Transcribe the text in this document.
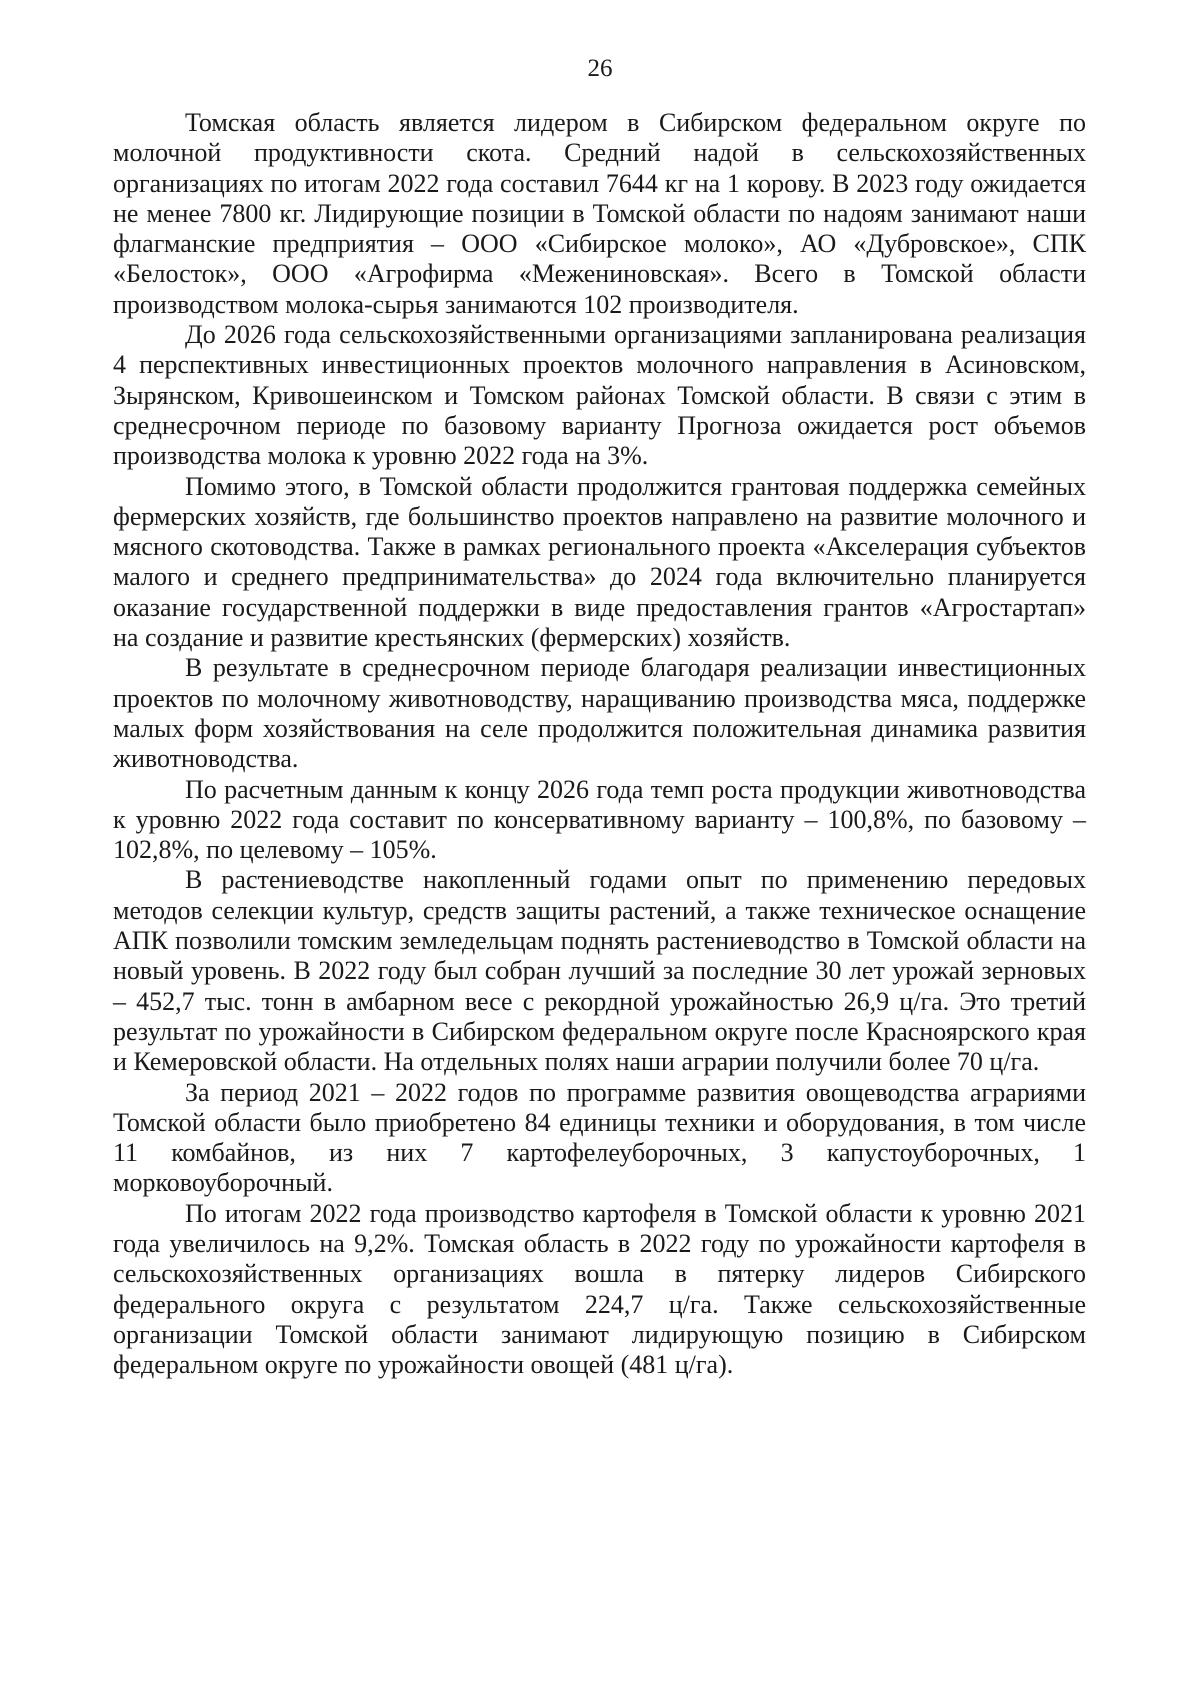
26

Томская область является лидером в Сибирском федеральном округе по молочной продуктивности скота. Средний надой в сельскохозяйственных организациях по итогам 2022 года составил 7644 кг на 1 корову. В 2023 году ожидается не менее 7800 кг. Лидирующие позиции в Томской области по надоям занимают наши флагманские предприятия – ООО «Сибирское молоко», АО «Дубровское», СПК «Белосток», ООО «Агрофирма «Межениновская». Всего в Томской области производством молока-сырья занимаются 102 производителя.

До 2026 года сельскохозяйственными организациями запланирована реализация 4 перспективных инвестиционных проектов молочного направления в Асиновском, Зырянском, Кривошеинском и Томском районах Томской области. В связи с этим в среднесрочном периоде по базовому варианту Прогноза ожидается рост объемов производства молока к уровню 2022 года на 3%.

Помимо этого, в Томской области продолжится грантовая поддержка семейных фермерских хозяйств, где большинство проектов направлено на развитие молочного и мясного скотоводства. Также в рамках регионального проекта «Акселерация субъектов малого и среднего предпринимательства» до 2024 года включительно планируется оказание государственной поддержки в виде предоставления грантов «Агростартап» на создание и развитие крестьянских (фермерских) хозяйств.

В результате в среднесрочном периоде благодаря реализации инвестиционных проектов по молочному животноводству, наращиванию производства мяса, поддержке малых форм хозяйствования на селе продолжится положительная динамика развития животноводства.

По расчетным данным к концу 2026 года темп роста продукции животноводства к уровню 2022 года составит по консервативному варианту – 100,8%, по базовому – 102,8%, по целевому – 105%.

В растениеводстве накопленный годами опыт по применению передовых методов селекции культур, средств защиты растений, а также техническое оснащение АПК позволили томским земледельцам поднять растениеводство в Томской области на новый уровень. В 2022 году был собран лучший за последние 30 лет урожай зерновых – 452,7 тыс. тонн в амбарном весе с рекордной урожайностью 26,9 ц/га. Это третий результат по урожайности в Сибирском федеральном округе после Красноярского края и Кемеровской области. На отдельных полях наши аграрии получили более 70 ц/га.

За период 2021 – 2022 годов по программе развития овощеводства аграриями Томской области было приобретено 84 единицы техники и оборудования, в том числе 11 комбайнов, из них 7 картофелеуборочных, 3 капустоуборочных, 1 морковоуборочный.

По итогам 2022 года производство картофеля в Томской области к уровню 2021 года увеличилось на 9,2%. Томская область в 2022 году по урожайности картофеля в сельскохозяйственных организациях вошла в пятерку лидеров Сибирского федерального округа с результатом 224,7 ц/га. Также сельскохозяйственные организации Томской области занимают лидирующую позицию в Сибирском федеральном округе по урожайности овощей (481 ц/га).
